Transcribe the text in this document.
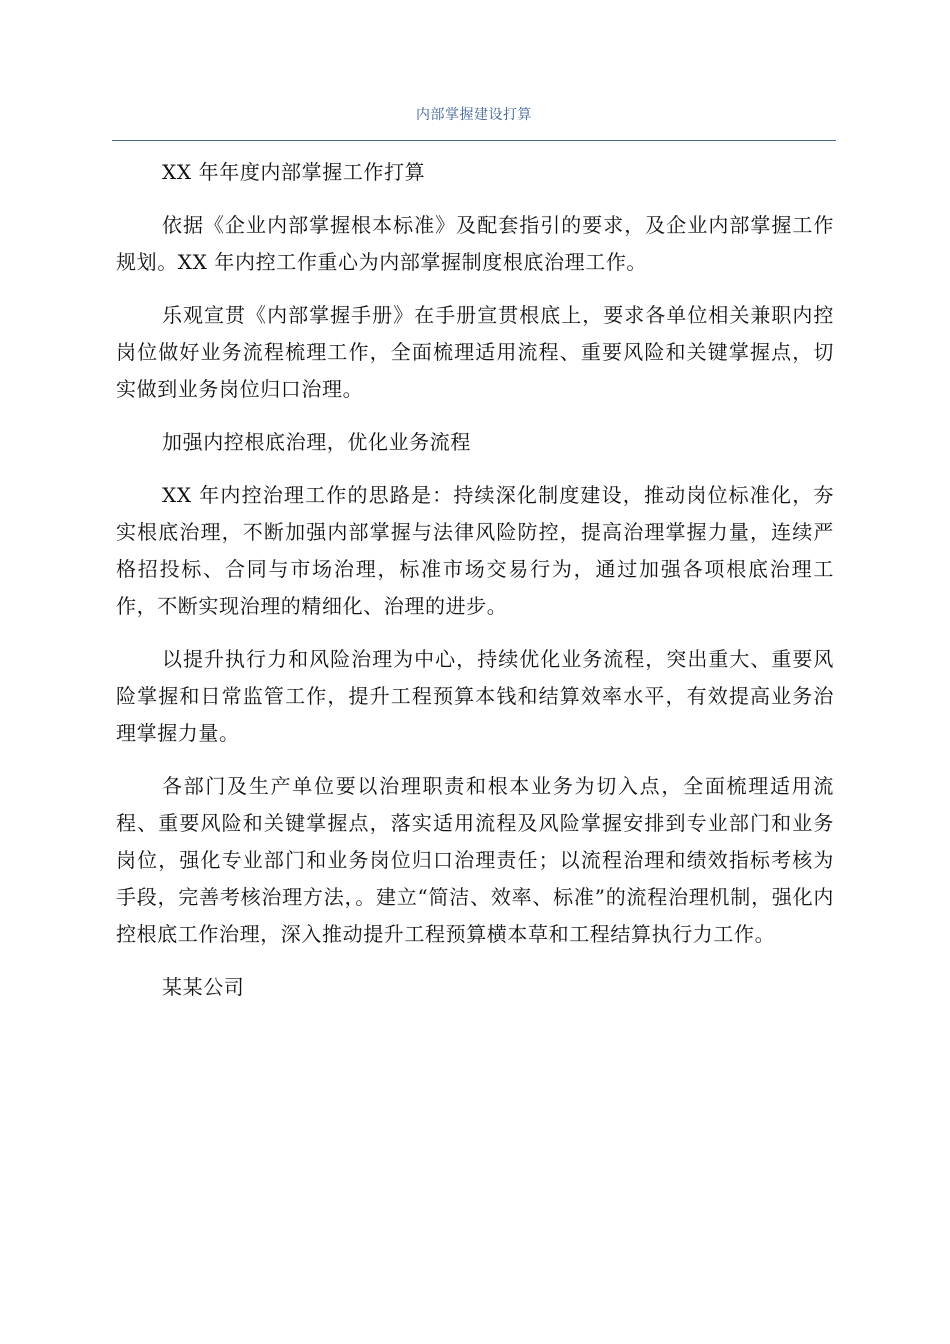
内部掌握建设打算

XX 年年度内部掌握工作打算

依据《企业内部掌握根本标准》及配套指引的要求，及企业内部掌握工作规划。XX 年内控工作重心为内部掌握制度根底治理工作。

乐观宣贯《内部掌握手册》在手册宣贯根底上，要求各单位相关兼职内控岗位做好业务流程梳理工作，全面梳理适用流程、重要风险和关键掌握点，切实做到业务岗位归口治理。

加强内控根底治理，优化业务流程

XX 年内控治理工作的思路是：持续深化制度建设，推动岗位标准化，夯实根底治理，不断加强内部掌握与法律风险防控，提高治理掌握力量，连续严格招投标、合同与市场治理，标准市场交易行为，通过加强各项根底治理工作，不断实现治理的精细化、治理的进步。

以提升执行力和风险治理为中心，持续优化业务流程，突出重大、重要风险掌握和日常监管工作，提升工程预算本钱和结算效率水平，有效提高业务治理掌握力量。

各部门及生产单位要以治理职责和根本业务为切入点，全面梳理适用流程、重要风险和关键掌握点，落实适用流程及风险掌握安排到专业部门和业务岗位，强化专业部门和业务岗位归口治理责任；以流程治理和绩效指标考核为手段，完善考核治理方法，。建立“简洁、效率、标准”的流程治理机制，强化内控根底工作治理，深入推动提升工程预算横本草和工程结算执行力工作。

某某公司
